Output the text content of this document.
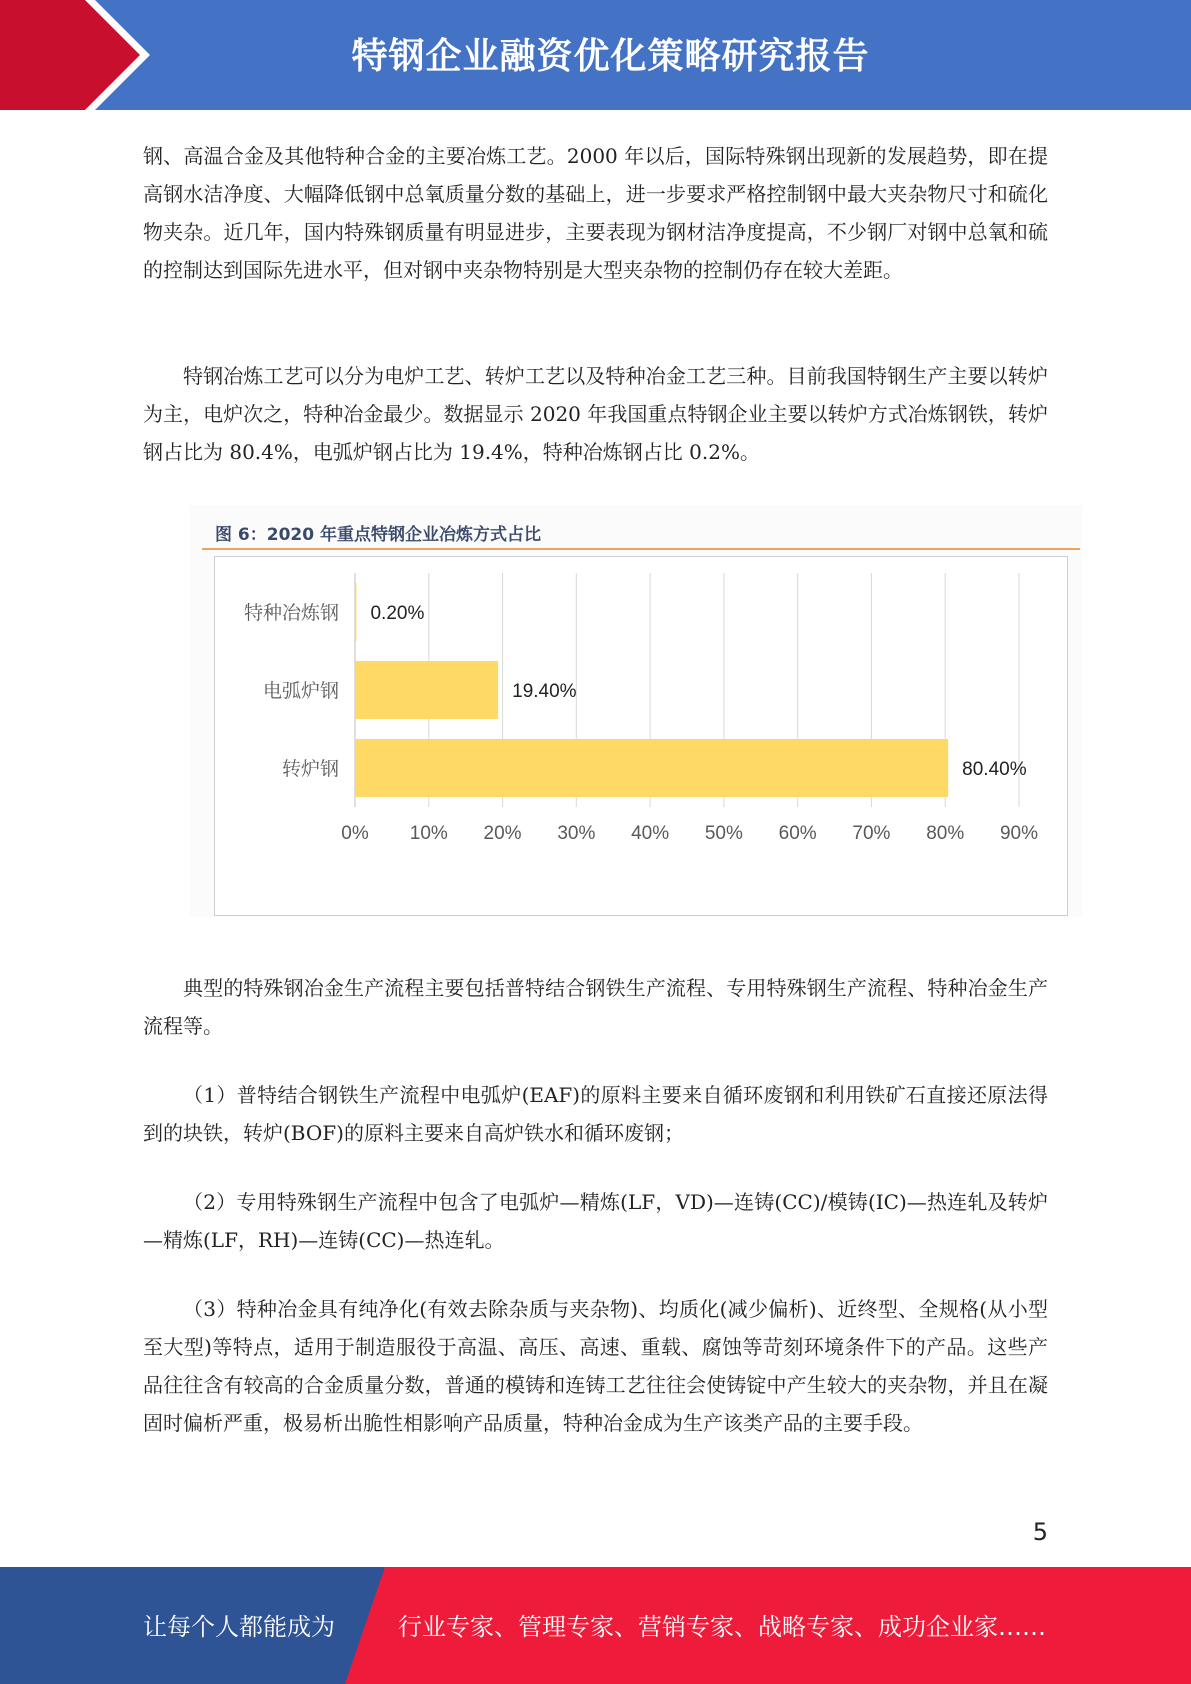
特钢企业融资优化策略研究报告

钢、高温合金及其他特种合金的主要冶炼工艺。2000 年以后，国际特殊钢出现新的发展趋势，即在提高钢水洁净度、大幅降低钢中总氧质量分数的基础上，进一步要求严格控制钢中最大夹杂物尺寸和硫化物夹杂。近几年，国内特殊钢质量有明显进步，主要表现为钢材洁净度提高，不少钢厂对钢中总氧和硫的控制达到国际先进水平，但对钢中夹杂物特别是大型夹杂物的控制仍存在较大差距。

特钢冶炼工艺可以分为电炉工艺、转炉工艺以及特种冶金工艺三种。目前我国特钢生产主要以转炉为主，电炉次之，特种冶金最少。数据显示 2020 年我国重点特钢企业主要以转炉方式冶炼钢铁，转炉钢占比为 80.4%，电弧炉钢占比为 19.4%，特种冶炼钢占比 0.2%。

图 6：2020 年重点特钢企业冶炼方式占比
0% 10% 20% 30% 40% 50% 60% 70% 80% 90%
特种冶炼钢 0.20%
电弧炉钢	19.40%
转炉钢	80.40%

典型的特殊钢冶金生产流程主要包括普特结合钢铁生产流程、专用特殊钢生产流程、特种冶金生产流程等。

（1）普特结合钢铁生产流程中电弧炉(EAF)的原料主要来自循环废钢和利用铁矿石直接还原法得到的块铁，转炉(BOF)的原料主要来自高炉铁水和循环废钢；

（2）专用特殊钢生产流程中包含了电弧炉—精炼(LF，VD)—连铸(CC)/模铸(IC)—热连轧及转炉—精炼(LF，RH)—连铸(CC)—热连轧。

（3）特种冶金具有纯净化(有效去除杂质与夹杂物)、均质化(减少偏析)、近终型、全规格(从小型至大型)等特点，适用于制造服役于高温、高压、高速、重载、腐蚀等苛刻环境条件下的产品。这些产品往往含有较高的合金质量分数，普通的模铸和连铸工艺往往会使铸锭中产生较大的夹杂物，并且在凝固时偏析严重，极易析出脆性相影响产品质量，特种冶金成为生产该类产品的主要手段。

5
让每个人都能成为	行业专家、管理专家、营销专家、战略专家、成功企业家……
